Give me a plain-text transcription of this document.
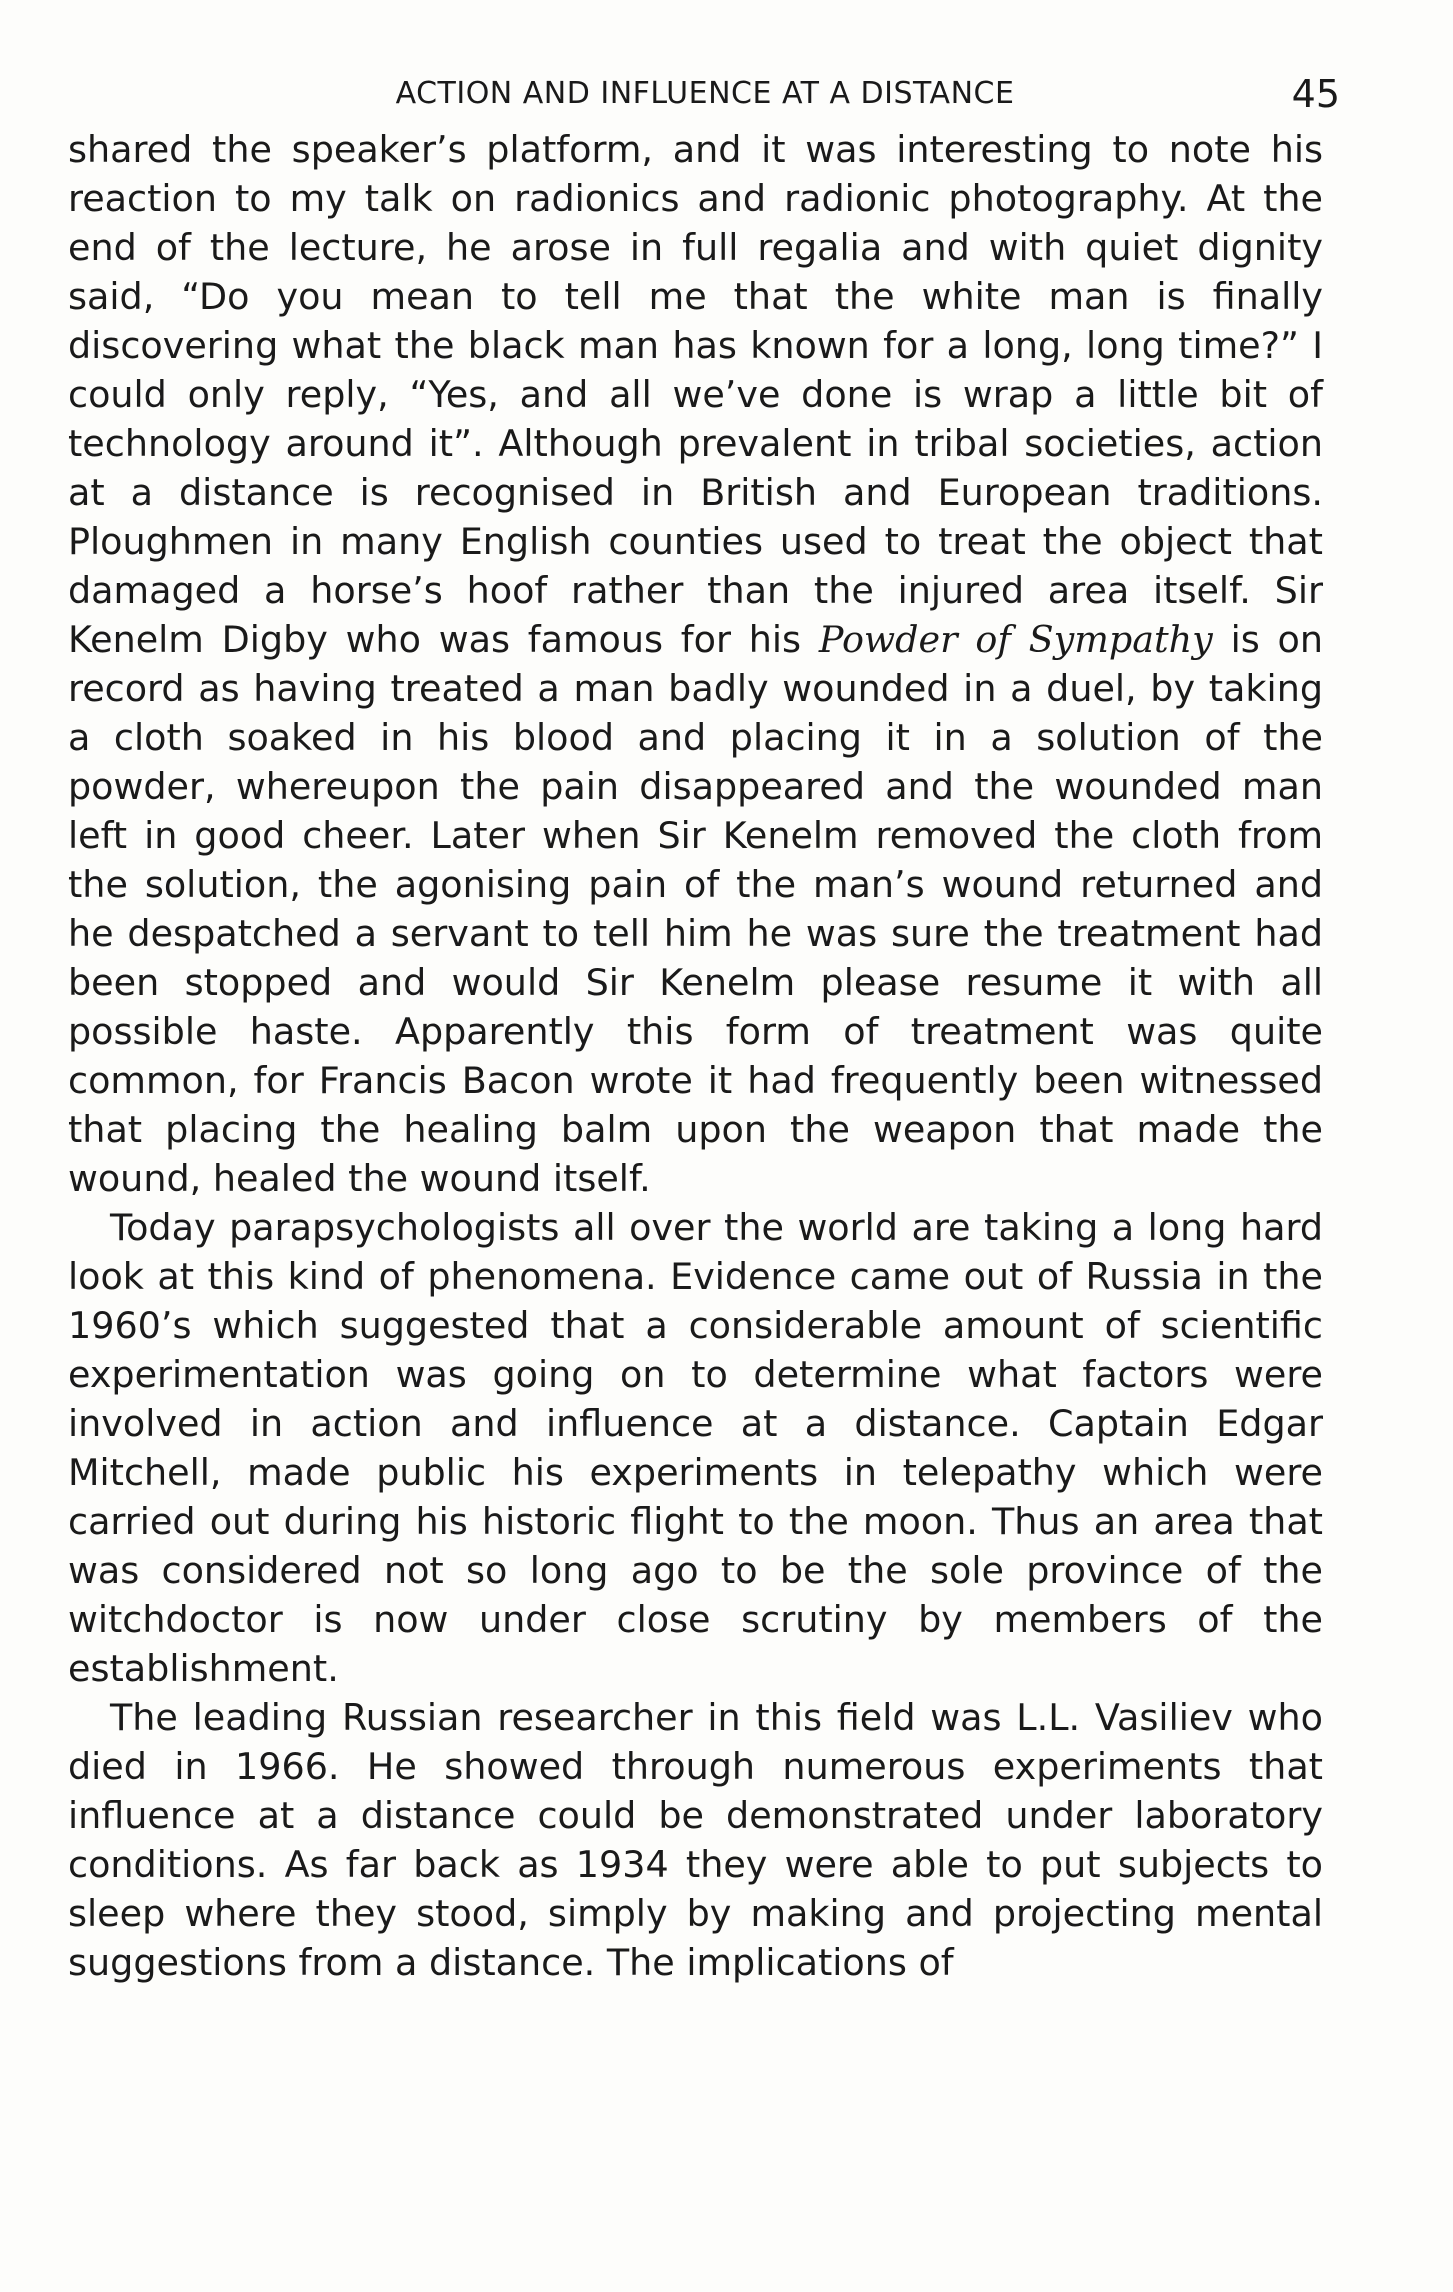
ACTION AND INFLUENCE AT A DISTANCE	45

shared the speaker’s platform, and it was interesting to note his reaction to my talk on radionics and radionic photography. At the end of the lecture, he arose in full regalia and with quiet dignity said, “Do you mean to tell me that the white man is finally discovering what the black man has known for a long, long time?” I could only reply, “Yes, and all we’ve done is wrap a little bit of technology around it”. Although prevalent in tribal societies, action at a distance is recognised in British and European traditions. Ploughmen in many English counties used to treat the object that damaged a horse’s hoof rather than the injured area itself. Sir Kenelm Digby who was famous for his Powder of Sympathy is on record as having treated a man badly wounded in a duel, by taking a cloth soaked in his blood and placing it in a solution of the powder, whereupon the pain disappeared and the wounded man left in good cheer. Later when Sir Kenelm removed the cloth from the solution, the agonising pain of the man’s wound returned and he despatched a servant to tell him he was sure the treatment had been stopped and would Sir Kenelm please resume it with all possible haste. Apparently this form of treatment was quite common, for Francis Bacon wrote it had frequently been witnessed that placing the healing balm upon the weapon that made the wound, healed the wound itself.

Today parapsychologists all over the world are taking a long hard look at this kind of phenomena. Evidence came out of Russia in the 1960’s which suggested that a considerable amount of scientific experimentation was going on to determine what factors were involved in action and influence at a distance. Captain Edgar Mitchell, made public his experiments in telepathy which were carried out during his historic flight to the moon. Thus an area that was considered not so long ago to be the sole province of the witchdoctor is now under close scrutiny by members of the establishment.

The leading Russian researcher in this field was L.L. Vasiliev who died in 1966. He showed through numerous experiments that influence at a distance could be demonstrated under laboratory conditions. As far back as 1934 they were able to put subjects to sleep where they stood, simply by making and projecting mental suggestions from a distance. The implications of
